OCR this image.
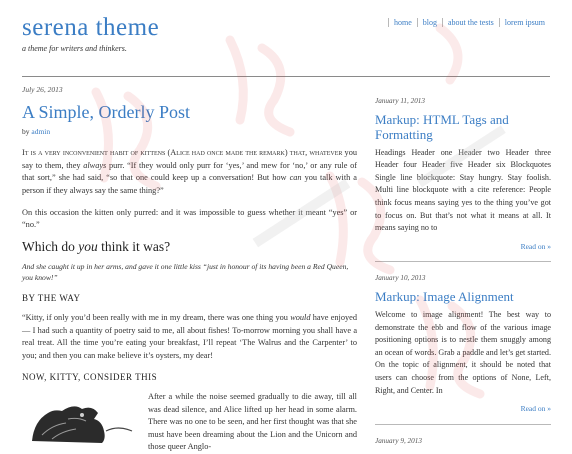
serena theme
a theme for writers and thinkers.
home	blog	about the tests	lorem ipsum
July 26, 2013
A Simple, Orderly Post
by admin

It is a very inconvenient habit of kittens (Alice had once made the remark) that, whatever you say to them, they always purr. “If they would only purr for ‘yes,’ and mew for ‘no,’ or any rule of that sort,” she had said, “so that one could keep up a conversation! But how can you talk with a person if they always say the same thing?”

On this occasion the kitten only purred: and it was impossible to guess whether it meant “yes” or “no.”

Which do you think it was?
And she caught it up in her arms, and gave it one little kiss “just in honour of its having been a Red Queen, you know!”
BY THE WAY

“Kitty, if only you’d been really with me in my dream, there was one thing you would have enjoyed — I had such a quantity of poetry said to me, all about fishes! To-morrow morning you shall have a real treat. All the time you’re eating your breakfast, I’ll repeat ‘The Walrus and the Carpenter’ to you; and then you can make believe it’s oysters, my dear!

NOW, KITTY, CONSIDER THIS
After a while the noise seemed gradually to die away, till all was dead silence, and Alice lifted up her head in some alarm. There was no one to be seen, and her first thought was that she must have been dreaming about the Lion and the Unicorn and those queer Anglo-
January 11, 2013
Markup: HTML Tags and Formatting

Headings Header one Header two Header three Header four Header five Header six Blockquotes Single line blockquote: Stay hungry. Stay foolish. Multi line blockquote with a cite reference: People think focus means saying yes to the thing you’ve got to focus on. But that’s not what it means at all. It means saying no to

Read on »
January 10, 2013
Markup: Image Alignment

Welcome to image alignment! The best way to demonstrate the ebb and flow of the various image positioning options is to nestle them snuggly among an ocean of words. Grab a paddle and let’s get started. On the topic of alignment, it should be noted that users can choose from the options of None, Left, Right, and Center. In

Read on »
January 9, 2013
